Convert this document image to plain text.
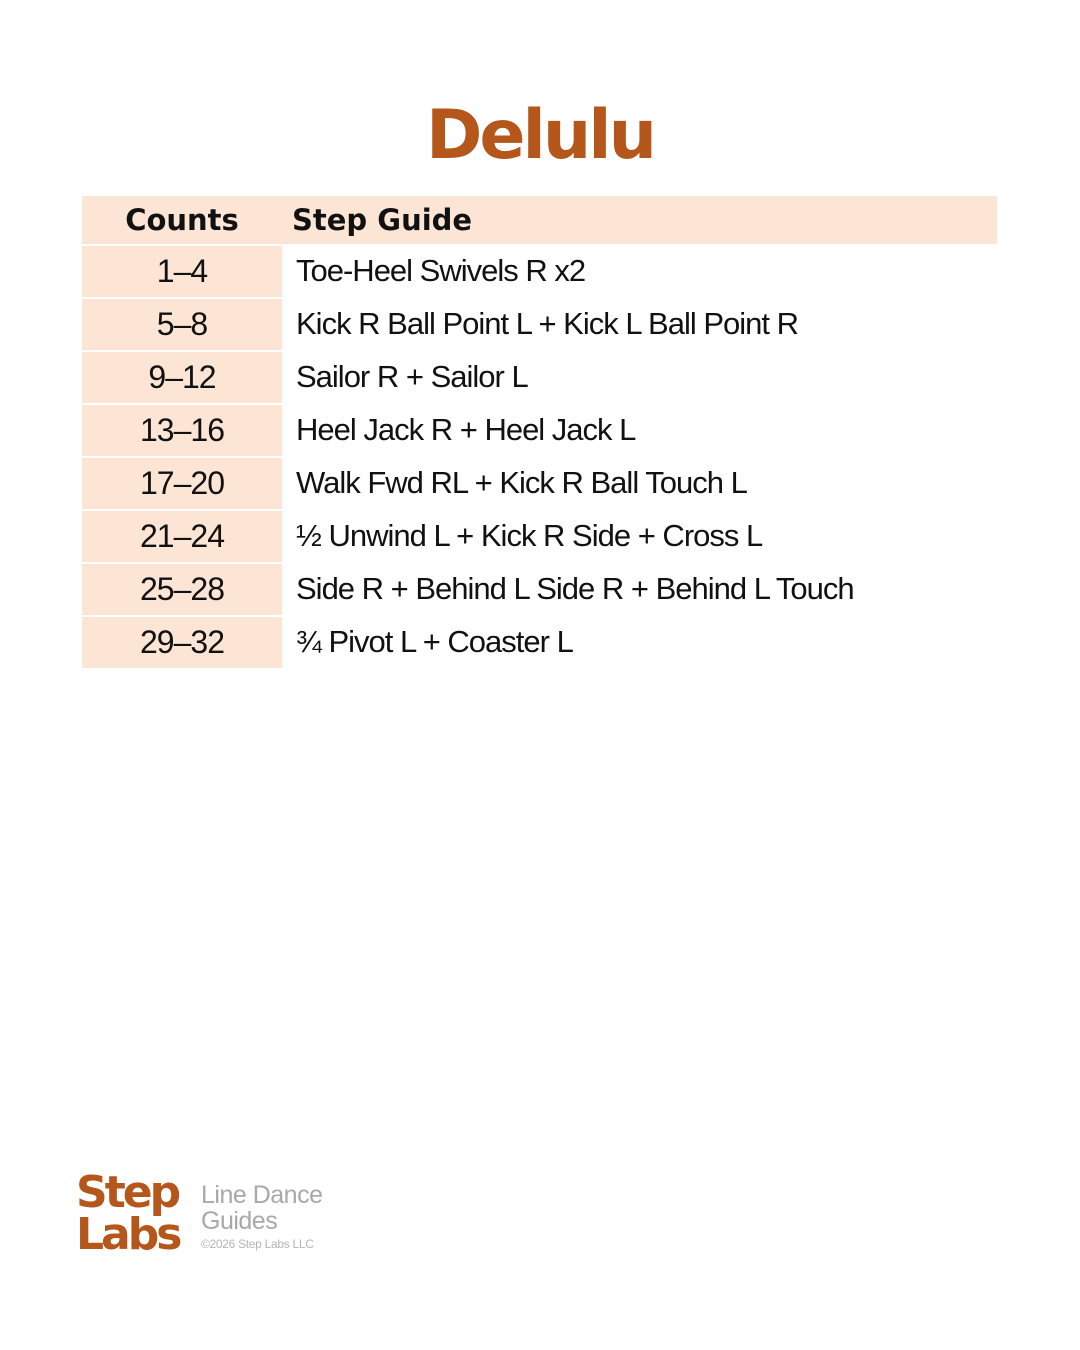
Delulu
Counts	Step Guide
1–4	Toe-Heel Swivels R x2
5–8	Kick R Ball Point L + Kick L Ball Point R
9–12	Sailor R + Sailor L
13–16	Heel Jack R + Heel Jack L
17–20	Walk Fwd RL + Kick R Ball Touch L
21–24	½ Unwind L + Kick R Side + Cross L
25–28	Side R + Behind L Side R + Behind L Touch
29–32	¾ Pivot L + Coaster L
Step
Labs
Line Dance
Guides
©2026 Step Labs LLC
